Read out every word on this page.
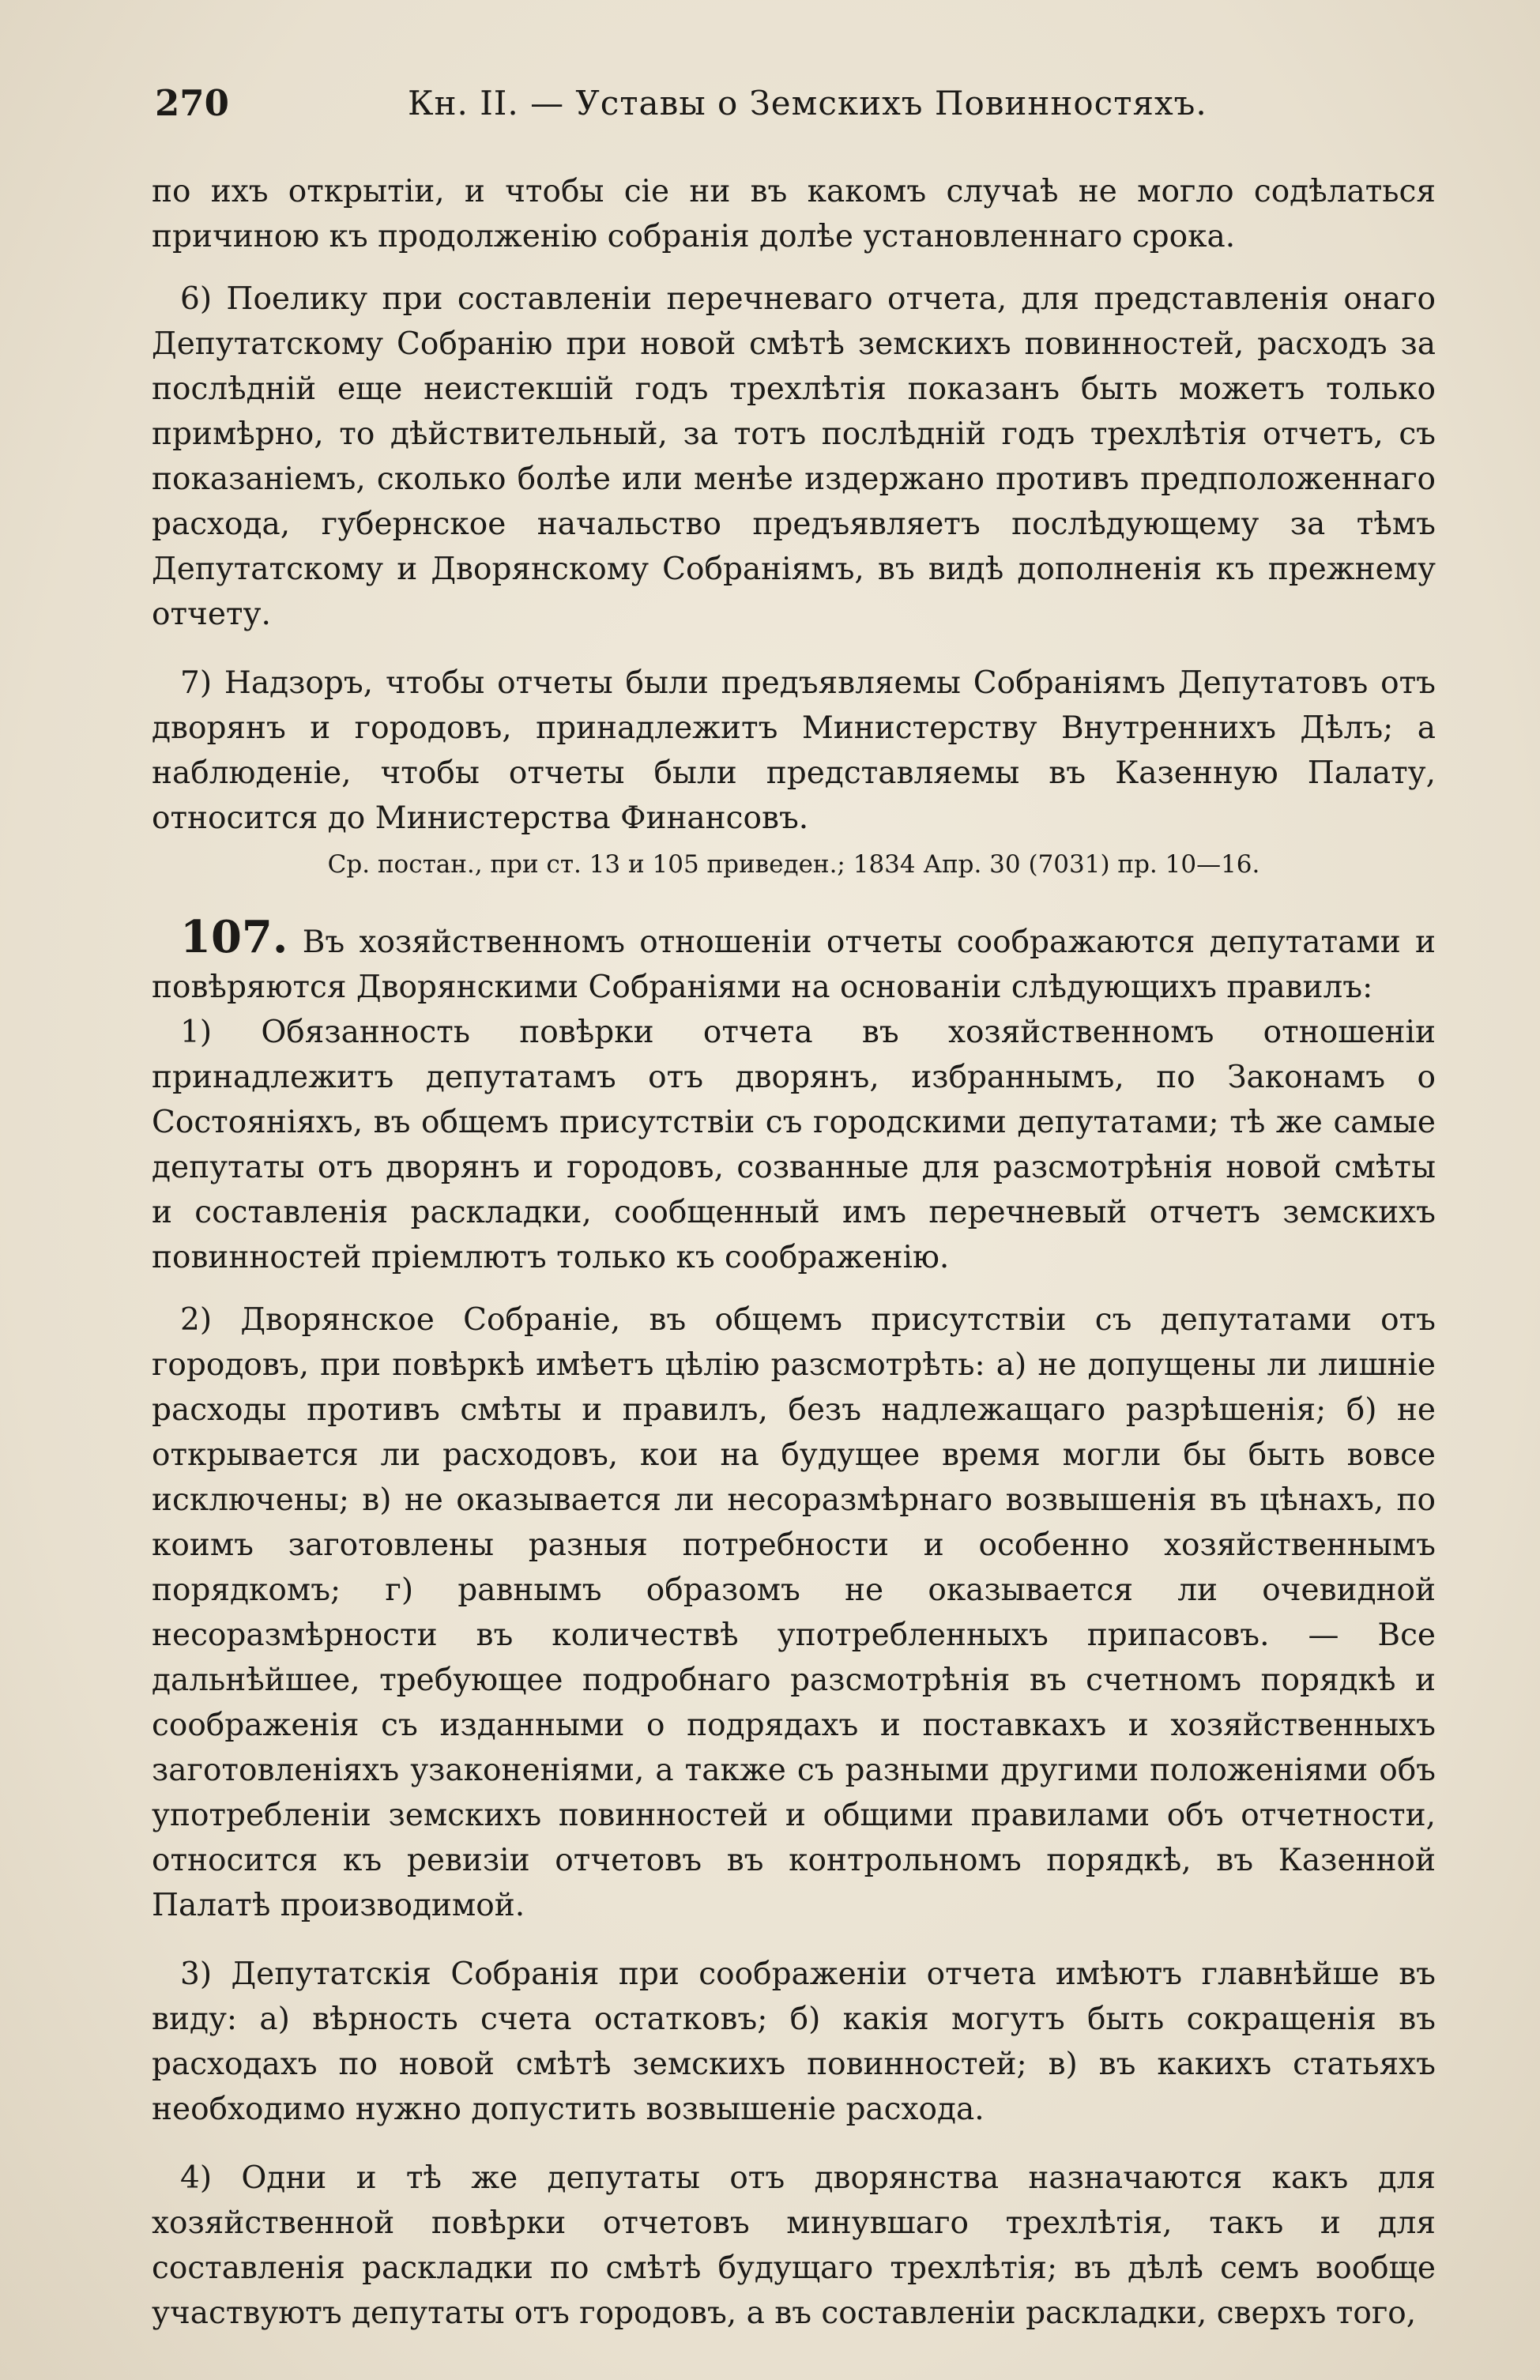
270	Кн. II. — Уставы о Земскихъ Повинностяхъ.

по ихъ открытіи, и чтобы сіе ни въ какомъ случаѣ не могло содѣлаться причиною къ продолженію собранія долѣе установленнаго срока.

6) Поелику при составленіи перечневаго отчета, для представленія онаго Депутатскому Собранію при новой смѣтѣ земскихъ повинностей, расходъ за послѣдній еще неистекшій годъ трехлѣтія показанъ быть можетъ только примѣрно, то дѣйствительный, за тотъ послѣдній годъ трехлѣтія отчетъ, съ показаніемъ, сколько болѣе или менѣе издержано противъ предположеннаго расхода, губернское начальство предъявляетъ послѣдующему за тѣмъ Депутатскому и Дворянскому Собраніямъ, въ видѣ дополненія къ прежнему отчету.

7) Надзоръ, чтобы отчеты были предъявляемы Собраніямъ Депутатовъ отъ дворянъ и городовъ, принадлежитъ Министерству Внутреннихъ Дѣлъ; а наблюденіе, чтобы отчеты были представляемы въ Казенную Палату, относится до Министерства Финансовъ.

Ср. постан., при ст. 13 и 105 приведен.; 1834 Апр. 30 (7031) пр. 10—16.

107. Въ хозяйственномъ отношеніи отчеты соображаются депутатами и повѣряются Дворянскими Собраніями на основаніи слѣдующихъ правилъ:

1) Обязанность повѣрки отчета въ хозяйственномъ отношеніи принадлежитъ депутатамъ отъ дворянъ, избраннымъ, по Законамъ о Состояніяхъ, въ общемъ присутствіи съ городскими депутатами; тѣ же самые депутаты отъ дворянъ и городовъ, созванные для разсмотрѣнія новой смѣты и составленія раскладки, сообщенный имъ перечневый отчетъ земскихъ повинностей пріемлютъ только къ соображенію.

2) Дворянское Собраніе, въ общемъ присутствіи съ депутатами отъ городовъ, при повѣркѣ имѣетъ цѣлію разсмотрѣть: а) не допущены ли лишніе расходы противъ смѣты и правилъ, безъ надлежащаго разрѣшенія; б) не открывается ли расходовъ, кои на будущее время могли бы быть вовсе исключены; в) не оказывается ли несоразмѣрнаго возвышенія въ цѣнахъ, по коимъ заготовлены разныя потребности и особенно хозяйственнымъ порядкомъ; г) равнымъ образомъ не оказывается ли очевидной несоразмѣрности въ количествѣ употребленныхъ припасовъ. — Все дальнѣйшее, требующее подробнаго разсмотрѣнія въ счетномъ порядкѣ и соображенія съ изданными о подрядахъ и поставкахъ и хозяйственныхъ заготовленіяхъ узаконеніями, а также съ разными другими положеніями объ употребленіи земскихъ повинностей и общими правилами объ отчетности, относится къ ревизіи отчетовъ въ контрольномъ порядкѣ, въ Казенной Палатѣ производимой.

3) Депутатскія Собранія при соображеніи отчета имѣютъ главнѣйше въ виду: а) вѣрность счета остатковъ; б) какія могутъ быть сокращенія въ расходахъ по новой смѣтѣ земскихъ повинностей; в) въ какихъ статьяхъ необходимо нужно допустить возвышеніе расхода.

4) Одни и тѣ же депутаты отъ дворянства назначаются какъ для хозяйственной повѣрки отчетовъ минувшаго трехлѣтія, такъ и для составленія раскладки по смѣтѣ будущаго трехлѣтія; въ дѣлѣ семъ вообще участвуютъ депутаты отъ городовъ, а въ составленіи раскладки, сверхъ того,
